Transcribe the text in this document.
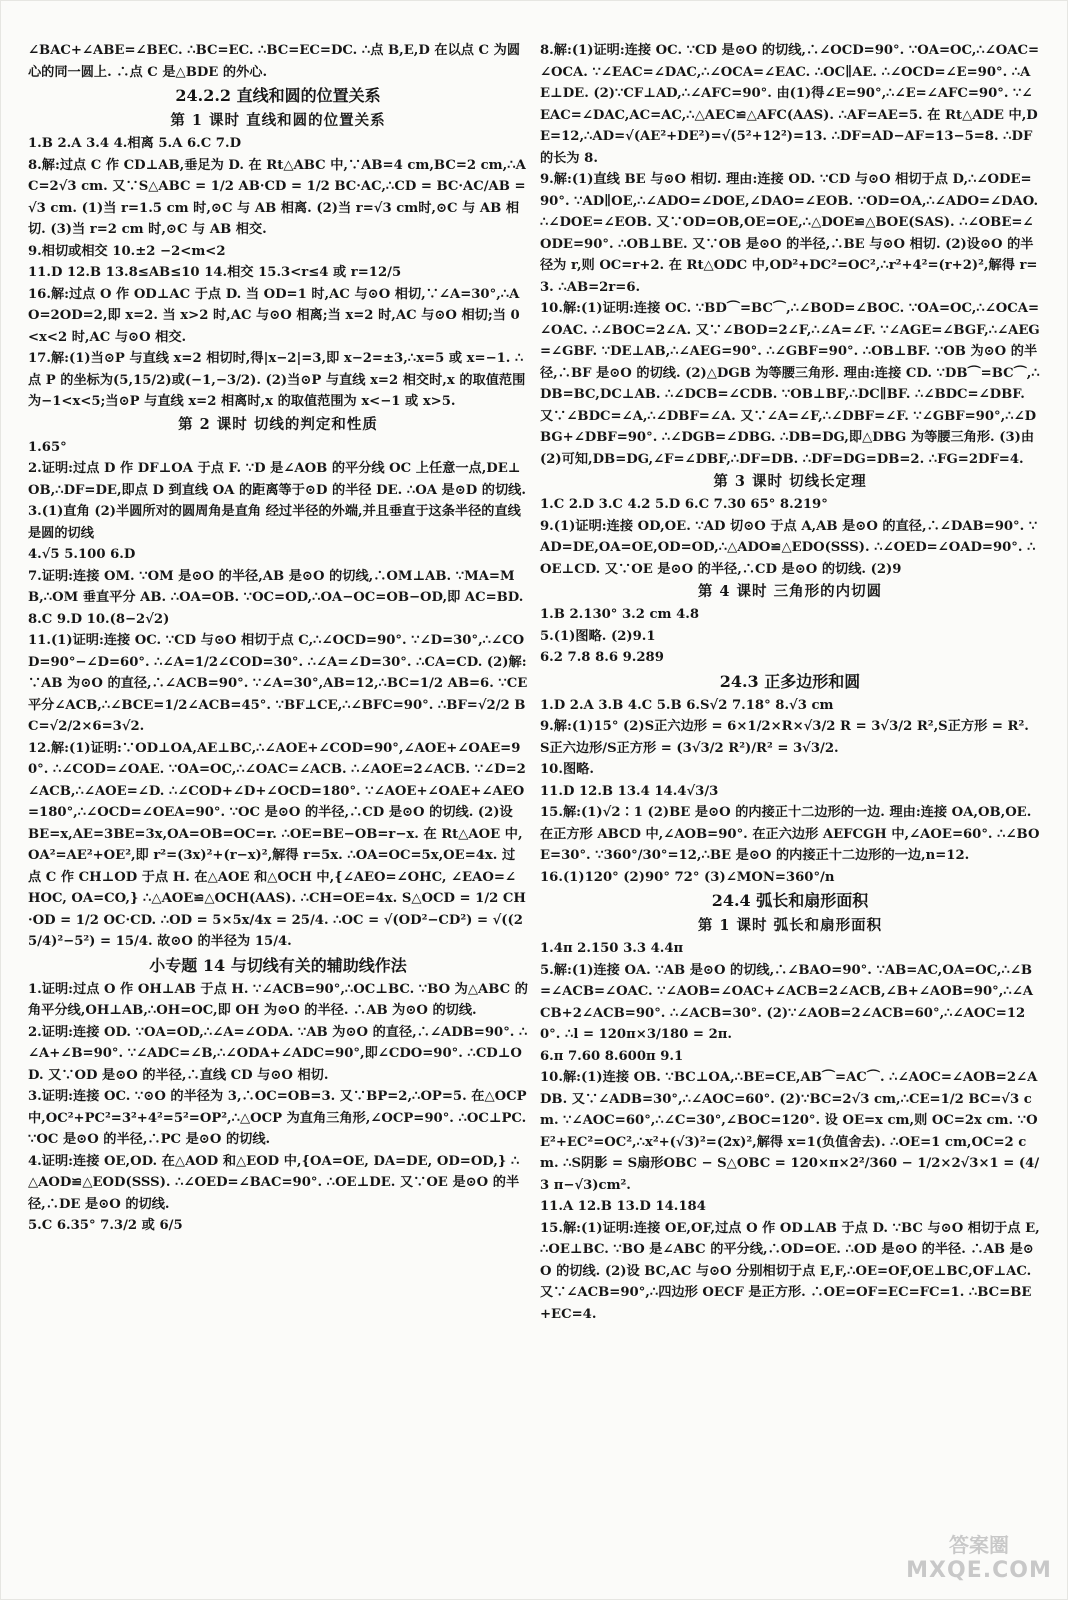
∠BAC+∠ABE=∠BEC. ∴BC=EC. ∴BC=EC=DC. ∴点 B,E,D 在以点 C 为圆心的同一圆上. ∴点 C 是△BDE 的外心.

24.2.2 直线和圆的位置关系

第 1 课时 直线和圆的位置关系

1.B 2.A 3.4 4.相离 5.A 6.C 7.D

8.解:过点 C 作 CD⊥AB,垂足为 D. 在 Rt△ABC 中,∵AB=4 cm,BC=2 cm,∴AC=2√3 cm. 又∵S△ABC = 1/2 AB·CD = 1/2 BC·AC,∴CD = BC·AC/AB = √3 cm. (1)当 r=1.5 cm 时,⊙C 与 AB 相离. (2)当 r=√3 cm时,⊙C 与 AB 相切. (3)当 r=2 cm 时,⊙C 与 AB 相交.

9.相切或相交 10.±2 −2<m<2

11.D 12.B 13.8≤AB≤10 14.相交 15.3<r≤4 或 r=12/5

16.解:过点 O 作 OD⊥AC 于点 D. 当 OD=1 时,AC 与⊙O 相切,∵∠A=30°,∴AO=2OD=2,即 x=2. 当 x>2 时,AC 与⊙O 相离;当 x=2 时,AC 与⊙O 相切;当 0<x<2 时,AC 与⊙O 相交.

17.解:(1)当⊙P 与直线 x=2 相切时,得|x−2|=3,即 x−2=±3,∴x=5 或 x=−1. ∴点 P 的坐标为(5,15/2)或(−1,−3/2). (2)当⊙P 与直线 x=2 相交时,x 的取值范围为−1<x<5;当⊙P 与直线 x=2 相离时,x 的取值范围为 x<−1 或 x>5.

第 2 课时 切线的判定和性质

1.65°

2.证明:过点 D 作 DF⊥OA 于点 F. ∵D 是∠AOB 的平分线 OC 上任意一点,DE⊥OB,∴DF=DE,即点 D 到直线 OA 的距离等于⊙D 的半径 DE. ∴OA 是⊙D 的切线.

3.(1)直角 (2)半圆所对的圆周角是直角 经过半径的外端,并且垂直于这条半径的直线是圆的切线

4.√5 5.100 6.D

7.证明:连接 OM. ∵OM 是⊙O 的半径,AB 是⊙O 的切线,∴OM⊥AB. ∵MA=MB,∴OM 垂直平分 AB. ∴OA=OB. ∵OC=OD,∴OA−OC=OB−OD,即 AC=BD.

8.C 9.D 10.(8−2√2)

11.(1)证明:连接 OC. ∵CD 与⊙O 相切于点 C,∴∠OCD=90°. ∵∠D=30°,∴∠COD=90°−∠D=60°. ∴∠A=1/2∠COD=30°. ∴∠A=∠D=30°. ∴CA=CD. (2)解:∵AB 为⊙O 的直径,∴∠ACB=90°. ∵∠A=30°,AB=12,∴BC=1/2 AB=6. ∵CE 平分∠ACB,∴∠BCE=1/2∠ACB=45°. ∵BF⊥CE,∴∠BFC=90°. ∴BF=√2/2 BC=√2/2×6=3√2.

12.解:(1)证明:∵OD⊥OA,AE⊥BC,∴∠AOE+∠COD=90°,∠AOE+∠OAE=90°. ∴∠COD=∠OAE. ∵OA=OC,∴∠OAC=∠ACB. ∴∠AOE=2∠ACB. ∵∠D=2∠ACB,∴∠AOE=∠D. ∴∠COD+∠D+∠OCD=180°. ∵∠AOE+∠OAE+∠AEO=180°,∴∠OCD=∠OEA=90°. ∵OC 是⊙O 的半径,∴CD 是⊙O 的切线. (2)设 BE=x,AE=3BE=3x,OA=OB=OC=r. ∴OE=BE−OB=r−x. 在 Rt△AOE 中,OA²=AE²+OE²,即 r²=(3x)²+(r−x)²,解得 r=5x. ∴OA=OC=5x,OE=4x. 过点 C 作 CH⊥OD 于点 H. 在△AOE 和△OCH 中,{∠AEO=∠OHC, ∠EAO=∠HOC, OA=CO,} ∴△AOE≌△OCH(AAS). ∴CH=OE=4x. S△OCD = 1/2 CH·OD = 1/2 OC·CD. ∴OD = 5×5x/4x = 25/4. ∴OC = √(OD²−CD²) = √((25/4)²−5²) = 15/4. 故⊙O 的半径为 15/4.

小专题 14 与切线有关的辅助线作法

1.证明:过点 O 作 OH⊥AB 于点 H. ∵∠ACB=90°,∴OC⊥BC. ∵BO 为△ABC 的角平分线,OH⊥AB,∴OH=OC,即 OH 为⊙O 的半径. ∴AB 为⊙O 的切线.

2.证明:连接 OD. ∵OA=OD,∴∠A=∠ODA. ∵AB 为⊙O 的直径,∴∠ADB=90°. ∴∠A+∠B=90°. ∵∠ADC=∠B,∴∠ODA+∠ADC=90°,即∠CDO=90°. ∴CD⊥OD. 又∵OD 是⊙O 的半径,∴直线 CD 与⊙O 相切.

3.证明:连接 OC. ∵⊙O 的半径为 3,∴OC=OB=3. 又∵BP=2,∴OP=5. 在△OCP 中,OC²+PC²=3²+4²=5²=OP²,∴△OCP 为直角三角形,∠OCP=90°. ∴OC⊥PC. ∵OC 是⊙O 的半径,∴PC 是⊙O 的切线.

4.证明:连接 OE,OD. 在△AOD 和△EOD 中,{OA=OE, DA=DE, OD=OD,} ∴△AOD≌△EOD(SSS). ∴∠OED=∠BAC=90°. ∴OE⊥DE. 又∵OE 是⊙O 的半径,∴DE 是⊙O 的切线.

5.C 6.35° 7.3/2 或 6/5

8.解:(1)证明:连接 OC. ∵CD 是⊙O 的切线,∴∠OCD=90°. ∵OA=OC,∴∠OAC=∠OCA. ∵∠EAC=∠DAC,∴∠OCA=∠EAC. ∴OC∥AE. ∴∠OCD=∠E=90°. ∴AE⊥DE. (2)∵CF⊥AD,∴∠AFC=90°. 由(1)得∠E=90°,∴∠E=∠AFC=90°. ∵∠EAC=∠DAC,AC=AC,∴△AEC≌△AFC(AAS). ∴AF=AE=5. 在 Rt△ADE 中,DE=12,∴AD=√(AE²+DE²)=√(5²+12²)=13. ∴DF=AD−AF=13−5=8. ∴DF 的长为 8.

9.解:(1)直线 BE 与⊙O 相切. 理由:连接 OD. ∵CD 与⊙O 相切于点 D,∴∠ODE=90°. ∵AD∥OE,∴∠ADO=∠DOE,∠DAO=∠EOB. ∵OD=OA,∴∠ADO=∠DAO. ∴∠DOE=∠EOB. 又∵OD=OB,OE=OE,∴△DOE≌△BOE(SAS). ∴∠OBE=∠ODE=90°. ∴OB⊥BE. 又∵OB 是⊙O 的半径,∴BE 与⊙O 相切. (2)设⊙O 的半径为 r,则 OC=r+2. 在 Rt△ODC 中,OD²+DC²=OC²,∴r²+4²=(r+2)²,解得 r=3. ∴AB=2r=6.

10.解:(1)证明:连接 OC. ∵BD⌒=BC⌒,∴∠BOD=∠BOC. ∵OA=OC,∴∠OCA=∠OAC. ∴∠BOC=2∠A. 又∵∠BOD=2∠F,∴∠A=∠F. ∵∠AGE=∠BGF,∴∠AEG=∠GBF. ∵DE⊥AB,∴∠AEG=90°. ∴∠GBF=90°. ∴OB⊥BF. ∵OB 为⊙O 的半径,∴BF 是⊙O 的切线. (2)△DGB 为等腰三角形. 理由:连接 CD. ∵DB⌒=BC⌒,∴DB=BC,DC⊥AB. ∴∠DCB=∠CDB. ∵OB⊥BF,∴DC∥BF. ∴∠BDC=∠DBF. 又∵∠BDC=∠A,∴∠DBF=∠A. 又∵∠A=∠F,∴∠DBF=∠F. ∵∠GBF=90°,∴∠DBG+∠DBF=90°. ∴∠DGB=∠DBG. ∴DB=DG,即△DBG 为等腰三角形. (3)由(2)可知,DB=DG,∠F=∠DBF,∴DF=DB. ∴DF=DG=DB=2. ∴FG=2DF=4.

第 3 课时 切线长定理

1.C 2.D 3.C 4.2 5.D 6.C 7.30 65° 8.219°

9.(1)证明:连接 OD,OE. ∵AD 切⊙O 于点 A,AB 是⊙O 的直径,∴∠DAB=90°. ∵AD=DE,OA=OE,OD=OD,∴△ADO≌△EDO(SSS). ∴∠OED=∠OAD=90°. ∴OE⊥CD. 又∵OE 是⊙O 的半径,∴CD 是⊙O 的切线. (2)9

第 4 课时 三角形的内切圆

1.B 2.130° 3.2 cm 4.8

5.(1)图略. (2)9.1

6.2 7.8 8.6 9.289

24.3 正多边形和圆

1.D 2.A 3.B 4.C 5.B 6.S√2 7.18° 8.√3 cm

9.解:(1)15° (2)S正六边形 = 6×1/2×R×√3/2 R = 3√3/2 R²,S正方形 = R². S正六边形/S正方形 = (3√3/2 R²)/R² = 3√3/2.

10.图略.

11.D 12.B 13.4 14.4√3/3

15.解:(1)√2∶1 (2)BE 是⊙O 的内接正十二边形的一边. 理由:连接 OA,OB,OE. 在正方形 ABCD 中,∠AOB=90°. 在正六边形 AEFCGH 中,∠AOE=60°. ∴∠BOE=30°. ∵360°/30°=12,∴BE 是⊙O 的内接正十二边形的一边,n=12.

16.(1)120° (2)90° 72° (3)∠MON=360°/n

24.4 弧长和扇形面积

第 1 课时 弧长和扇形面积

1.4π 2.150 3.3 4.4π

5.解:(1)连接 OA. ∵AB 是⊙O 的切线,∴∠BAO=90°. ∵AB=AC,OA=OC,∴∠B=∠ACB=∠OAC. ∵∠AOB=∠OAC+∠ACB=2∠ACB,∠B+∠AOB=90°,∴∠ACB+2∠ACB=90°. ∴∠ACB=30°. (2)∵∠AOB=2∠ACB=60°,∴∠AOC=120°. ∴l = 120π×3/180 = 2π.

6.π 7.60 8.600π 9.1

10.解:(1)连接 OB. ∵BC⊥OA,∴BE=CE,AB⌒=AC⌒. ∴∠AOC=∠AOB=2∠ADB. 又∵∠ADB=30°,∴∠AOC=60°. (2)∵BC=2√3 cm,∴CE=1/2 BC=√3 cm. ∵∠AOC=60°,∴∠C=30°,∠BOC=120°. 设 OE=x cm,则 OC=2x cm. ∵OE²+EC²=OC²,∴x²+(√3)²=(2x)²,解得 x=1(负值舍去). ∴OE=1 cm,OC=2 cm. ∴S阴影 = S扇形OBC − S△OBC = 120×π×2²/360 − 1/2×2√3×1 = (4/3 π−√3)cm².

11.A 12.B 13.D 14.184

15.解:(1)证明:连接 OE,OF,过点 O 作 OD⊥AB 于点 D. ∵BC 与⊙O 相切于点 E,∴OE⊥BC. ∵BO 是∠ABC 的平分线,∴OD=OE. ∴OD 是⊙O 的半径. ∴AB 是⊙O 的切线. (2)设 BC,AC 与⊙O 分别相切于点 E,F,∴OE=OF,OE⊥BC,OF⊥AC. 又∵∠ACB=90°,∴四边形 OECF 是正方形. ∴OE=OF=EC=FC=1. ∴BC=BE+EC=4.

答案圈
MXQE.COM
